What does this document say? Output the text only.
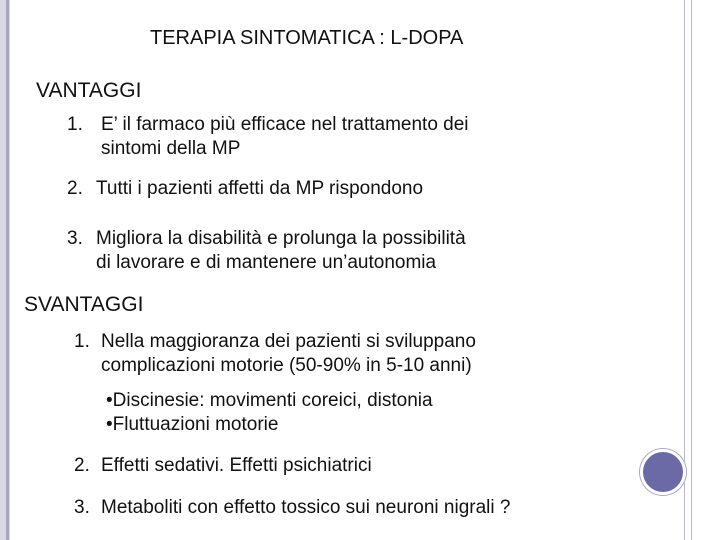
TERAPIA SINTOMATICA : L-DOPA
VANTAGGI
1. E’ il farmaco più efficace nel trattamento dei
sintomi della MP
2. Tutti i pazienti affetti da MP rispondono
3. Migliora la disabilità e prolunga la possibilità
di lavorare e di mantenere un’autonomia
SVANTAGGI
1. Nella maggioranza dei pazienti si sviluppano
complicazioni motorie (50-90% in 5-10 anni)
•Discinesie: movimenti coreici, distonia
•Fluttuazioni motorie
2. Effetti sedativi. Effetti psichiatrici
3. Metaboliti con effetto tossico sui neuroni nigrali ?
